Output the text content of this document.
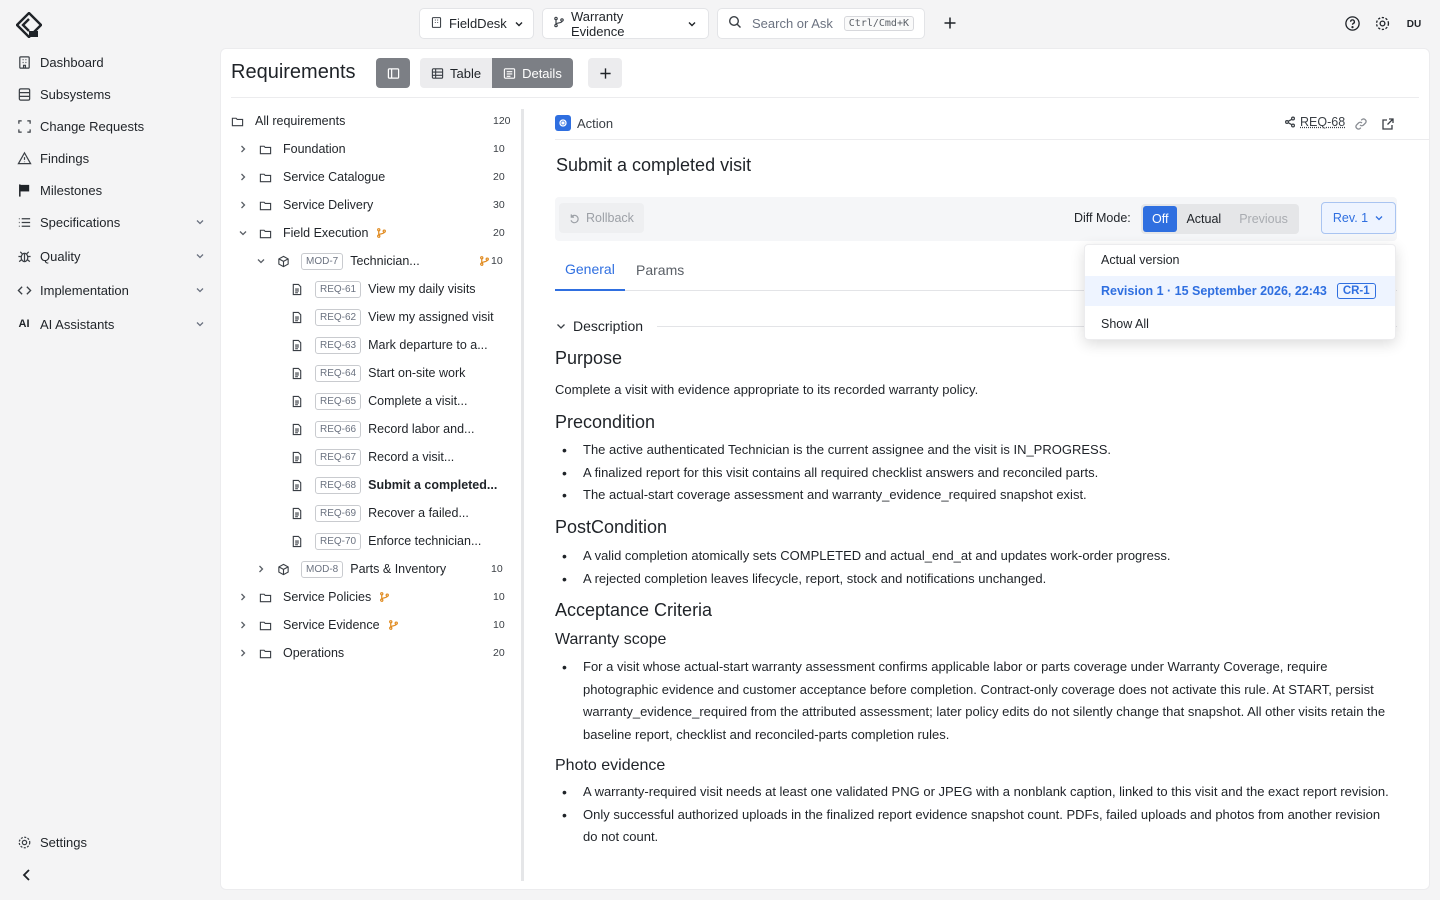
Dashboard
Subsystems
Change Requests
Findings
Milestones
Specifications
Quality
Implementation
AI AI Assistants
Settings
FieldDesk	Warranty Evidence	Search or Ask	Ctrl/Cmd+K	DU
Requirements	Table	Details
All requirements	120
Foundation	10
Service Catalogue	20
Service Delivery	30
Field Execution	20
MOD-7 Technician...	10
REQ-61 View my daily visits
REQ-62 View my assigned visit
REQ-63 Mark departure to a...
REQ-64 Start on-site work
REQ-65 Complete a visit...
REQ-66 Record labor and...
REQ-67 Record a visit...
REQ-68 Submit a completed...
REQ-69 Recover a failed...
REQ-70 Enforce technician...
MOD-8 Parts & Inventory	10
Service Policies	10
Service Evidence	10
Operations	20
Action	REQ-68
Submit a completed visit
Rollback	Diff Mode:	Off	Actual	Previous	Rev. 1
General	Params
Description
Purpose
Complete a visit with evidence appropriate to its recorded warranty policy.
Precondition
• The active authenticated Technician is the current assignee and the visit is IN_PROGRESS.
• A finalized report for this visit contains all required checklist answers and reconciled parts.
• The actual-start coverage assessment and warranty_evidence_required snapshot exist.
PostCondition
• A valid completion atomically sets COMPLETED and actual_end_at and updates work-order progress.
• A rejected completion leaves lifecycle, report, stock and notifications unchanged.
Acceptance Criteria
Warranty scope
• For a visit whose actual-start warranty assessment confirms applicable labor or parts coverage under Warranty Coverage, require photographic evidence and customer acceptance before completion. Contract-only coverage does not activate this rule. At START, persist warranty_evidence_required from the attributed assessment; later policy edits do not silently change that snapshot. All other visits retain the baseline report, checklist and reconciled-parts completion rules.
Photo evidence
• A warranty-required visit needs at least one validated PNG or JPEG with a nonblank caption, linked to this visit and the exact report revision.
• Only successful authorized uploads in the finalized report evidence snapshot count. PDFs, failed uploads and photos from another revision do not count.
Actual version
Revision 1 · 15 September 2026, 22:43	CR-1
Show All
